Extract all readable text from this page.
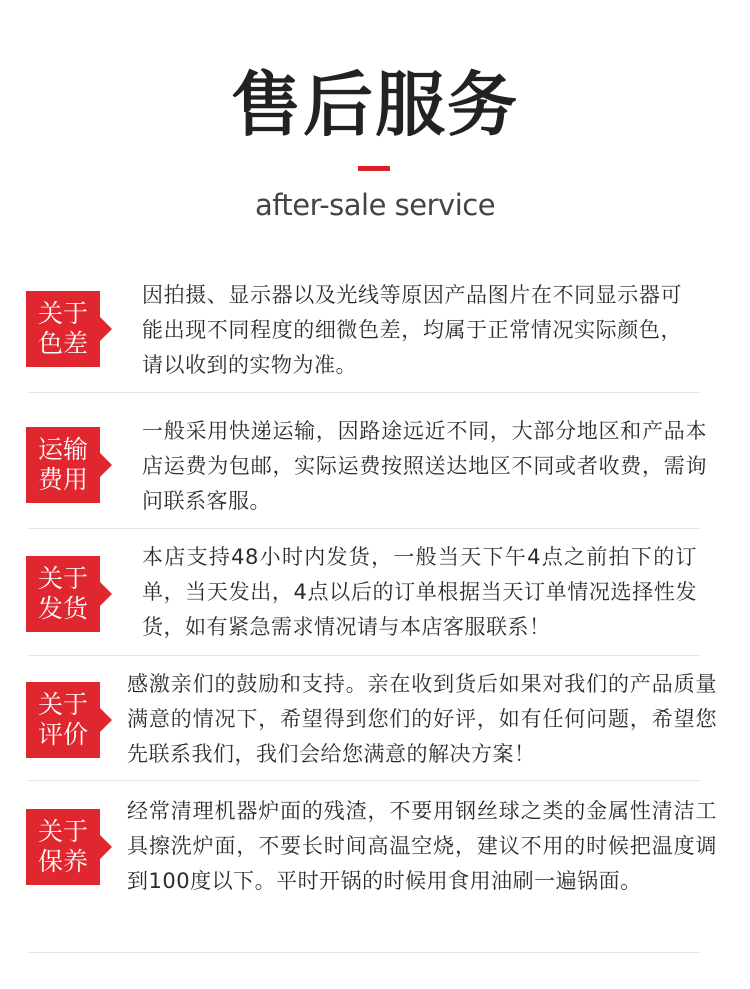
售后服务
after-sale service
关于色差
因拍摄、显示器以及光线等原因产品图片在不同显示器可能出现不同程度的细微色差，均属于正常情况实际颜色，请以收到的实物为准。
运输费用
一般采用快递运输，因路途远近不同，大部分地区和产品本店运费为包邮，实际运费按照送达地区不同或者收费，需询问联系客服。
关于发货
本店支持48小时内发货，一般当天下午4点之前拍下的订单，当天发出，4点以后的订单根据当天订单情况选择性发货，如有紧急需求情况请与本店客服联系！
关于评价
感激亲们的鼓励和支持。亲在收到货后如果对我们的产品质量满意的情况下，希望得到您们的好评，如有任何问题，希望您先联系我们，我们会给您满意的解决方案！
关于保养
经常清理机器炉面的残渣，不要用钢丝球之类的金属性清洁工具擦洗炉面，不要长时间高温空烧，建议不用的时候把温度调到100度以下。平时开锅的时候用食用油刷一遍锅面。
